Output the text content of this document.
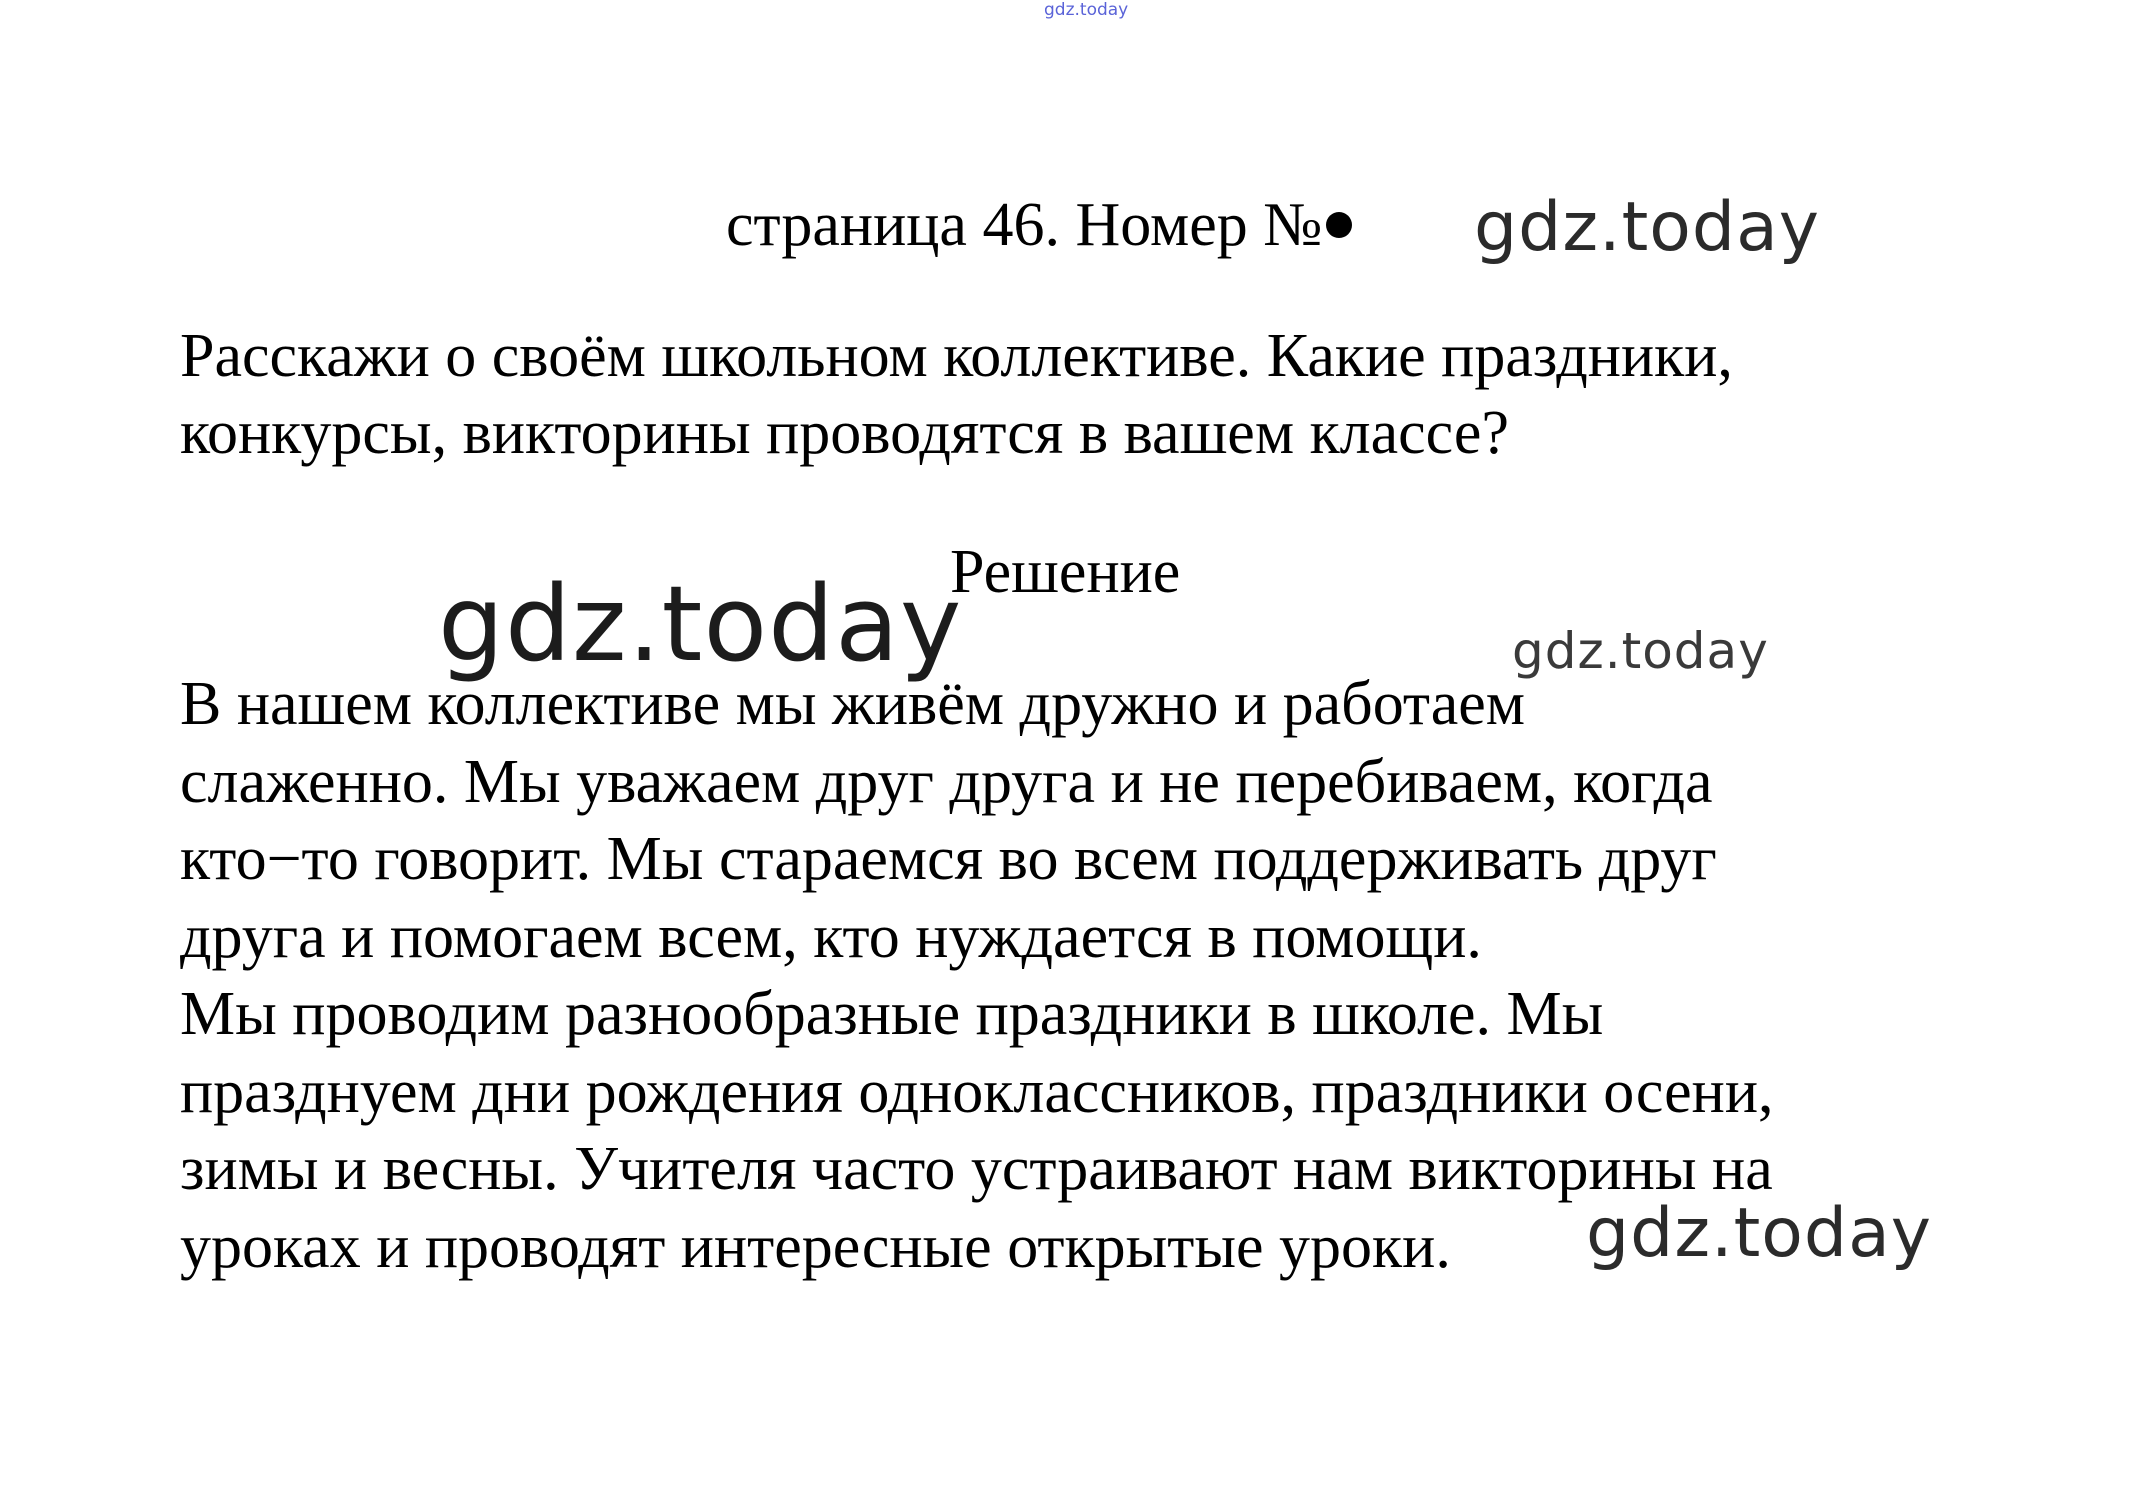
gdz.today
страница 46. Номер №	gdz.today
Расскажи о своём школьном коллективе. Какие праздники,
конкурсы, викторины проводятся в вашем классе?
Решение
gdz.today	gdz.today
В нашем коллективе мы живём дружно и работаем
слаженно. Мы уважаем друг друга и не перебиваем, когда
кто−то говорит. Мы стараемся во всем поддерживать друг
друга и помогаем всем, кто нуждается в помощи.
Мы проводим разнообразные праздники в школе. Мы
празднуем дни рождения одноклассников, праздники осени,
зимы и весны. Учителя часто устраивают нам викторины на
уроках и проводят интересные открытые уроки.	gdz.today
